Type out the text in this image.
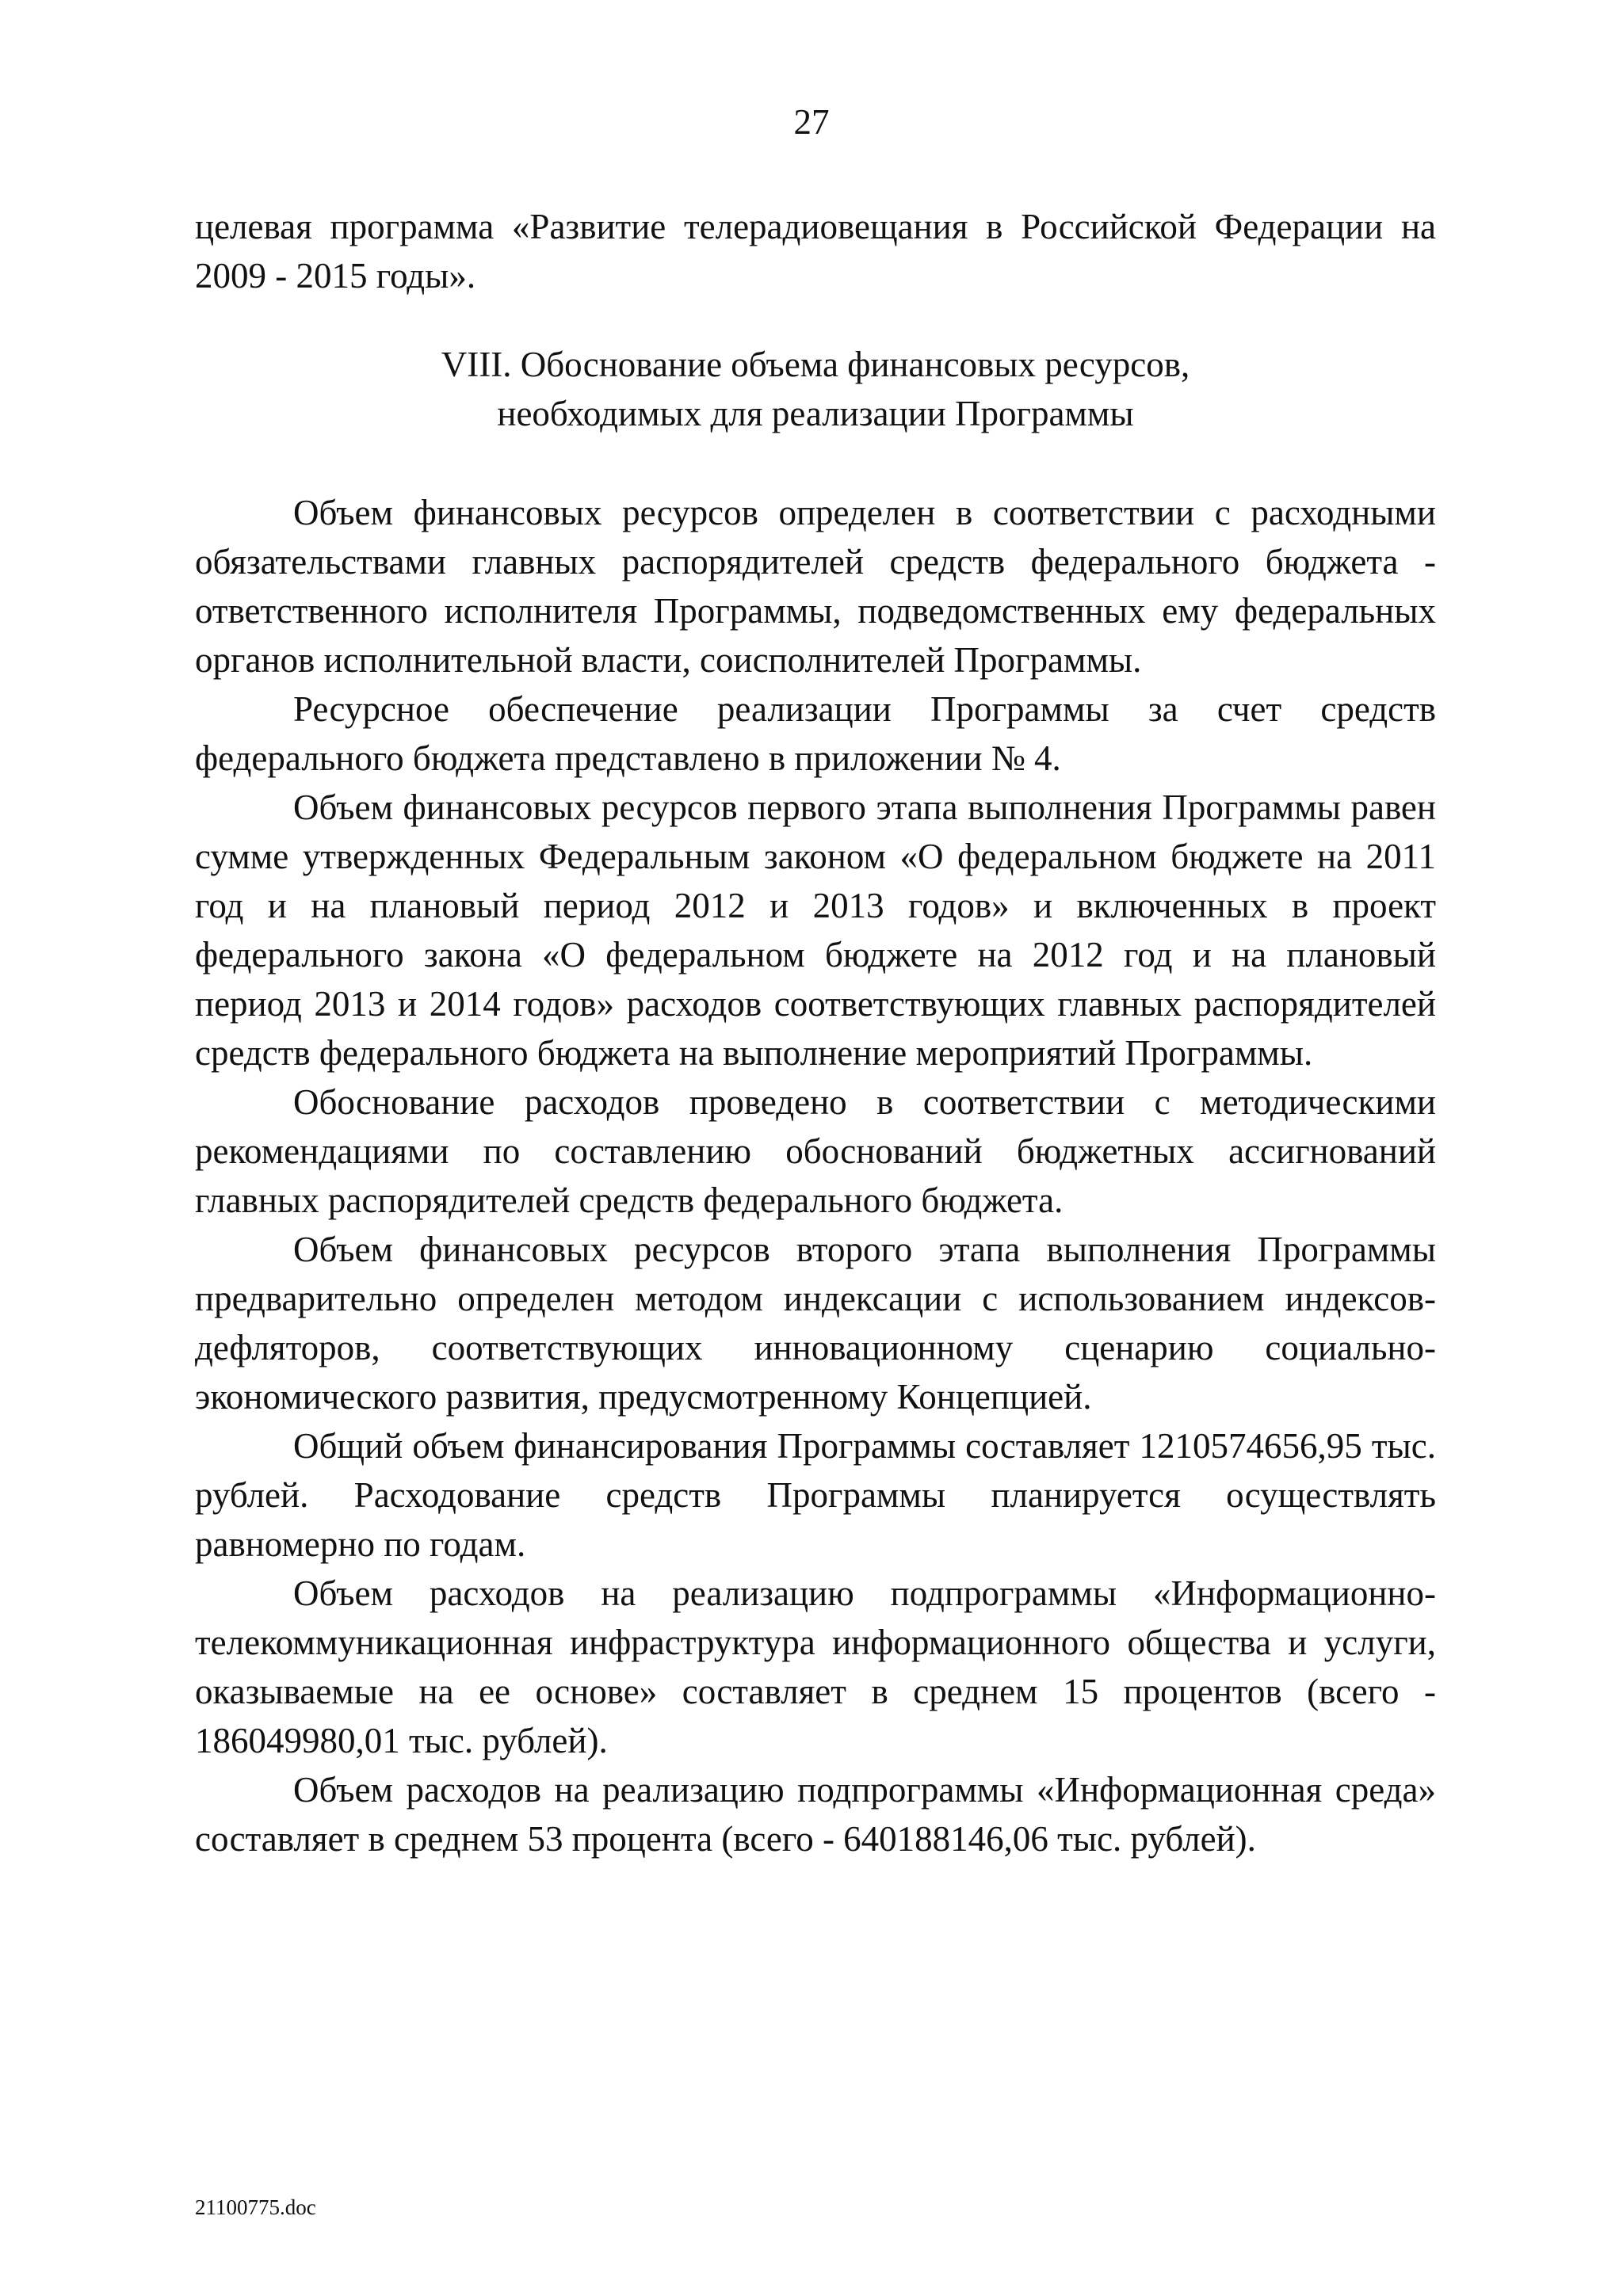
27

целевая программа «Развитие телерадиовещания в Российской Федерации на 2009 - 2015 годы».

VIII. Обоснование объема финансовых ресурсов,
необходимых для реализации Программы

Объем финансовых ресурсов определен в соответствии с расходными обязательствами главных распорядителей средств федерального бюджета - ответственного исполнителя Программы, подведомственных ему федеральных органов исполнительной власти, соисполнителей Программы.

Ресурсное обеспечение реализации Программы за счет средств федерального бюджета представлено в приложении № 4.

Объем финансовых ресурсов первого этапа выполнения Программы равен сумме утвержденных Федеральным законом «О федеральном бюджете на 2011 год и на плановый период 2012 и 2013 годов» и включенных в проект федерального закона «О федеральном бюджете на 2012 год и на плановый период 2013 и 2014 годов» расходов соответствующих главных распорядителей средств федерального бюджета на выполнение мероприятий Программы.

Обоснование расходов проведено в соответствии с методическими рекомендациями по составлению обоснований бюджетных ассигнований главных распорядителей средств федерального бюджета.

Объем финансовых ресурсов второго этапа выполнения Программы предварительно определен методом индексации с использованием индексов-дефляторов, соответствующих инновационному сценарию социально-экономического развития, предусмотренному Концепцией.

Общий объем финансирования Программы составляет 1210574656,95 тыс. рублей. Расходование средств Программы планируется осуществлять равномерно по годам.

Объем расходов на реализацию подпрограммы «Информационно-телекоммуникационная инфраструктура информационного общества и услуги, оказываемые на ее основе» составляет в среднем 15 процентов (всего - 186049980,01 тыс. рублей).

Объем расходов на реализацию подпрограммы «Информационная среда» составляет в среднем 53 процента (всего - 640188146,06 тыс. рублей).

21100775.doc
